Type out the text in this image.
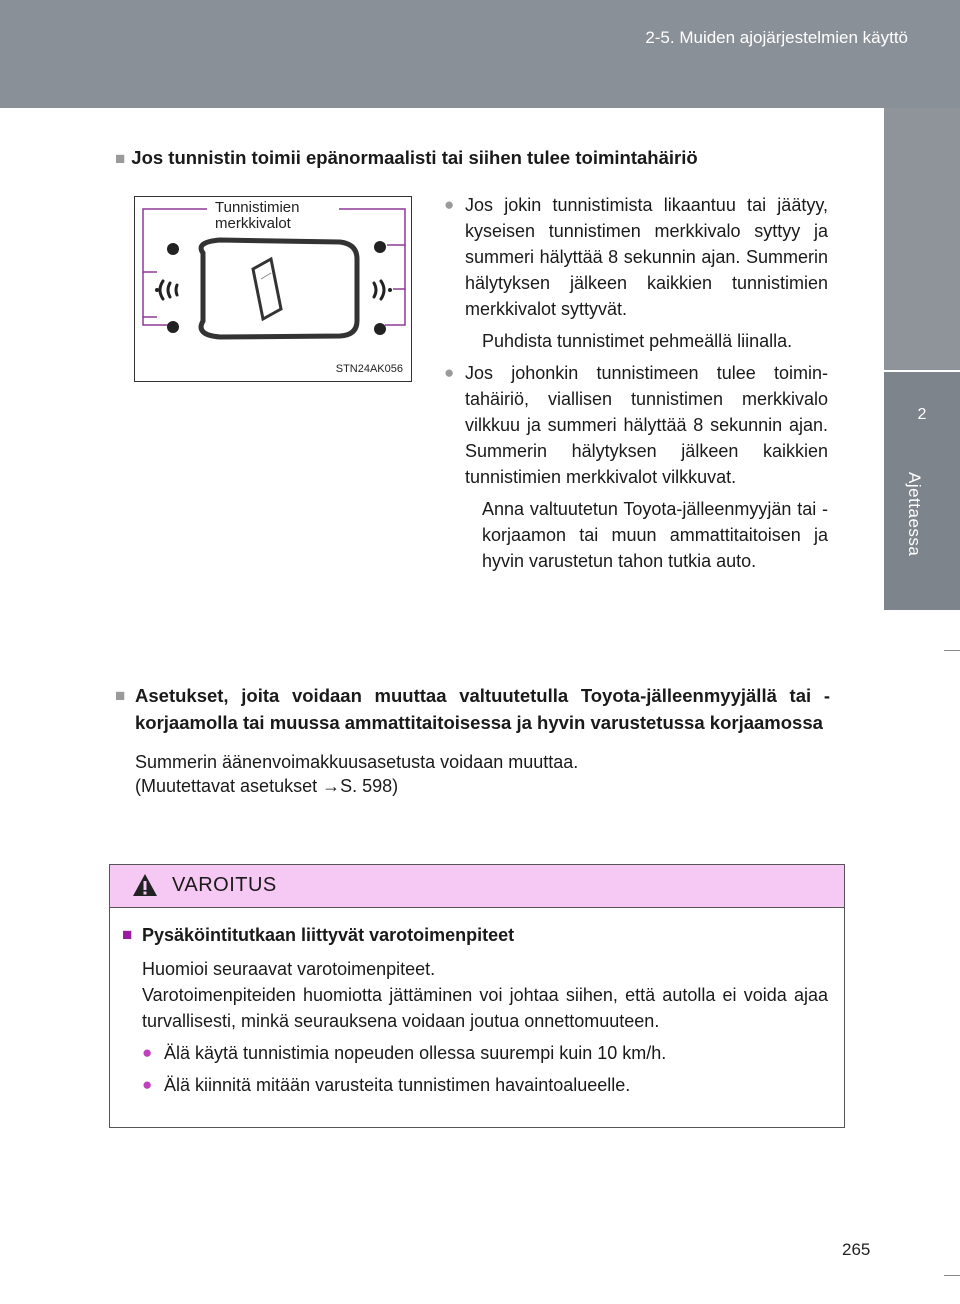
2-5. Muiden ajojärjestelmien käyttö
2
Ajettaessa
■ Jos tunnistin toimii epänormaalisti tai siihen tulee toimintahäiriö
Tunnistimien
merkkivalot
STN24AK056
● Jos jokin tunnistimista likaantuu tai jäätyy, kyseisen tunnistimen merkkivalo syttyy ja summeri hälyttää 8 sekunnin ajan. Summerin hälytyksen jälkeen kaikkien tunnistimien merkkivalot syttyvät.
Puhdista tunnistimet pehmeällä liinalla.
● Jos johonkin tunnistimeen tulee toimintahäiriö, viallisen tunnistimen merkkivalo vilkkuu ja summeri hälyttää 8 sekunnin ajan. Summerin hälytyksen jälkeen kaikkien tunnistimien merkkivalot vilkkuvat.
Anna valtuutetun Toyota-jälleenmyyjän tai -korjaamon tai muun ammattitaitoisen ja hyvin varustetun tahon tutkia auto.
■ Asetukset, joita voidaan muuttaa valtuutetulla Toyota-jälleenmyyjällä tai -korjaamolla tai muussa ammattitaitoisessa ja hyvin varustetussa korjaamossa
Summerin äänenvoimakkuusasetusta voidaan muuttaa.
(Muutettavat asetukset →S. 598)
VAROITUS
■ Pysäköintitutkaan liittyvät varotoimenpiteet
Huomioi seuraavat varotoimenpiteet.
Varotoimenpiteiden huomiotta jättäminen voi johtaa siihen, että autolla ei voida ajaa turvallisesti, minkä seurauksena voidaan joutua onnettomuuteen.
● Älä käytä tunnistimia nopeuden ollessa suurempi kuin 10 km/h.
● Älä kiinnitä mitään varusteita tunnistimen havaintoalueelle.
265
